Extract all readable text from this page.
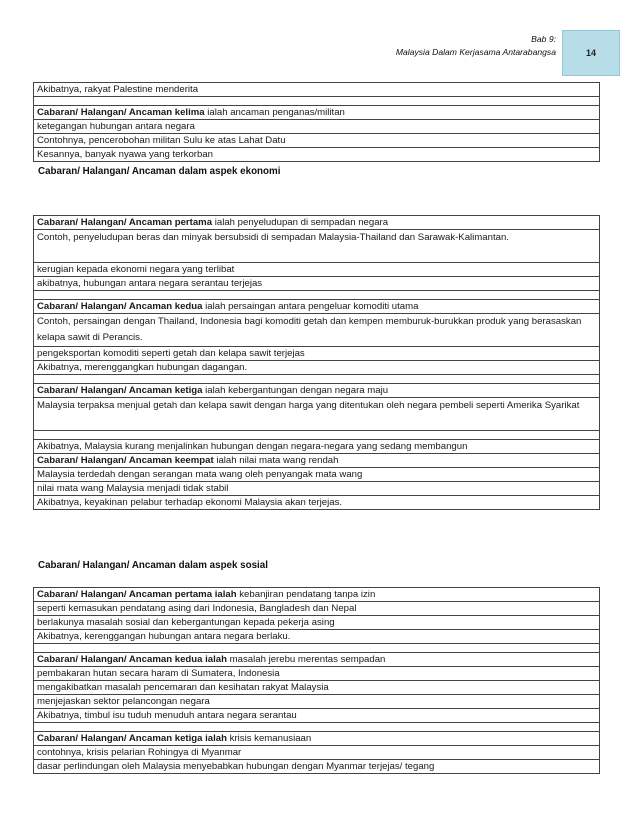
Bab 9:
Malaysia Dalam Kerjasama Antarabangsa	14
Akibatnya, rakyat Palestine menderita

Cabaran/ Halangan/ Ancaman kelima ialah ancaman penganas/militan
ketegangan hubungan antara negara
Contohnya, pencerobohan militan Sulu ke atas Lahat Datu
Kesannya, banyak nyawa yang terkorban
Cabaran/ Halangan/ Ancaman dalam aspek ekonomi
Cabaran/ Halangan/ Ancaman pertama ialah penyeludupan di sempadan negara
Contoh, penyeludupan beras dan minyak bersubsidi di sempadan Malaysia-Thailand dan Sarawak-Kalimantan.
kerugian kepada ekonomi negara yang terlibat
akibatnya, hubungan antara negara serantau terjejas

Cabaran/ Halangan/ Ancaman kedua ialah persaingan antara pengeluar komoditi utama
Contoh, persaingan dengan Thailand, Indonesia bagi komoditi getah dan kempen memburuk-burukkan produk yang berasaskan kelapa sawit di Perancis.
pengeksportan komoditi seperti getah dan kelapa sawit terjejas
Akibatnya, merenggangkan hubungan dagangan.

Cabaran/ Halangan/ Ancaman ketiga ialah kebergantungan dengan negara maju
Malaysia terpaksa menjual getah dan kelapa sawit dengan harga yang ditentukan oleh negara pembeli seperti Amerika Syarikat

Akibatnya, Malaysia kurang menjalinkan hubungan dengan negara-negara yang sedang membangun
Cabaran/ Halangan/ Ancaman keempat ialah nilai mata wang rendah
Malaysia terdedah dengan serangan mata wang oleh penyangak mata wang
nilai mata wang Malaysia menjadi tidak stabil
Akibatnya, keyakinan pelabur terhadap ekonomi Malaysia akan terjejas.
Cabaran/ Halangan/ Ancaman dalam aspek sosial
Cabaran/ Halangan/ Ancaman pertama ialah kebanjiran pendatang tanpa izin
seperti kemasukan pendatang asing dari Indonesia, Bangladesh dan Nepal
berlakunya masalah sosial dan kebergantungan kepada pekerja asing
Akibatnya, kerenggangan hubungan antara negara berlaku.

Cabaran/ Halangan/ Ancaman kedua ialah masalah jerebu merentas sempadan
pembakaran hutan secara haram di Sumatera, Indonesia
mengakibatkan masalah pencemaran dan kesihatan rakyat Malaysia
menjejaskan sektor pelancongan negara
Akibatnya, timbul isu tuduh menuduh antara negara serantau

Cabaran/ Halangan/ Ancaman ketiga ialah krisis kemanusiaan
contohnya, krisis pelarian Rohingya di Myanmar
dasar perlindungan oleh Malaysia menyebabkan hubungan dengan Myanmar terjejas/ tegang
